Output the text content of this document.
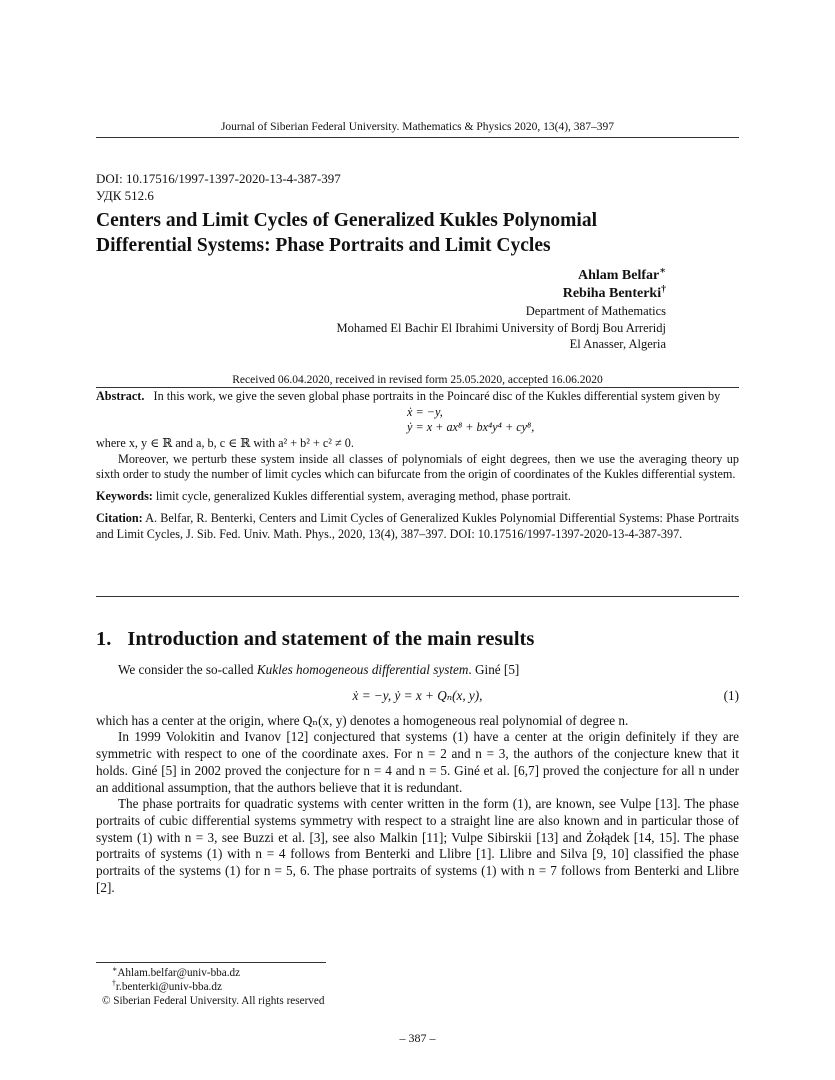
Journal of Siberian Federal University. Mathematics & Physics 2020, 13(4), 387–397
DOI: 10.17516/1997-1397-2020-13-4-387-397
УДК 512.6
Centers and Limit Cycles of Generalized Kukles Polynomial
Differential Systems: Phase Portraits and Limit Cycles
Ahlam Belfar∗
Rebiha Benterki†
Department of Mathematics
Mohamed El Bachir El Ibrahimi University of Bordj Bou Arreridj
El Anasser, Algeria
Received 06.04.2020, received in revised form 25.05.2020, accepted 16.06.2020

Abstract. In this work, we give the seven global phase portraits in the Poincaré disc of the Kukles differential system given by

ẋ = −y,
ẏ = x + ax⁸ + bx⁴y⁴ + cy⁸,

where x, y ∈ ℝ and a, b, c ∈ ℝ with a² + b² + c² ≠ 0.

Moreover, we perturb these system inside all classes of polynomials of eight degrees, then we use the averaging theory up sixth order to study the number of limit cycles which can bifurcate from the origin of coordinates of the Kukles differential system.

Keywords: limit cycle, generalized Kukles differential system, averaging method, phase portrait.

Citation: A. Belfar, R. Benterki, Centers and Limit Cycles of Generalized Kukles Polynomial Differential Systems: Phase Portraits and Limit Cycles, J. Sib. Fed. Univ. Math. Phys., 2020, 13(4), 387–397. DOI: 10.17516/1997-1397-2020-13-4-387-397.

1. Introduction and statement of the main results

We consider the so-called Kukles homogeneous differential system. Giné [5]

ẋ = −y, ẏ = x + Qₙ(x, y),	(1)

which has a center at the origin, where Qₙ(x, y) denotes a homogeneous real polynomial of degree n.

In 1999 Volokitin and Ivanov [12] conjectured that systems (1) have a center at the origin definitely if they are symmetric with respect to one of the coordinate axes. For n = 2 and n = 3, the authors of the conjecture knew that it holds. Giné [5] in 2002 proved the conjecture for n = 4 and n = 5. Giné et al. [6,7] proved the conjecture for all n under an additional assumption, that the authors believe that it is redundant.

The phase portraits for quadratic systems with center written in the form (1), are known, see Vulpe [13]. The phase portraits of cubic differential systems symmetry with respect to a straight line are also known and in particular those of system (1) with n = 3, see Buzzi et al. [3], see also Malkin [11]; Vulpe Sibirskii [13] and Żołądek [14, 15]. The phase portraits of systems (1) with n = 4 follows from Benterki and Llibre [1]. Llibre and Silva [9, 10] classified the phase portraits of the systems (1) for n = 5, 6. The phase portraits of systems (1) with n = 7 follows from Benterki and Llibre [2].

∗Ahlam.belfar@univ-bba.dz
†r.benterki@univ-bba.dz
© Siberian Federal University. All rights reserved
– 387 –
